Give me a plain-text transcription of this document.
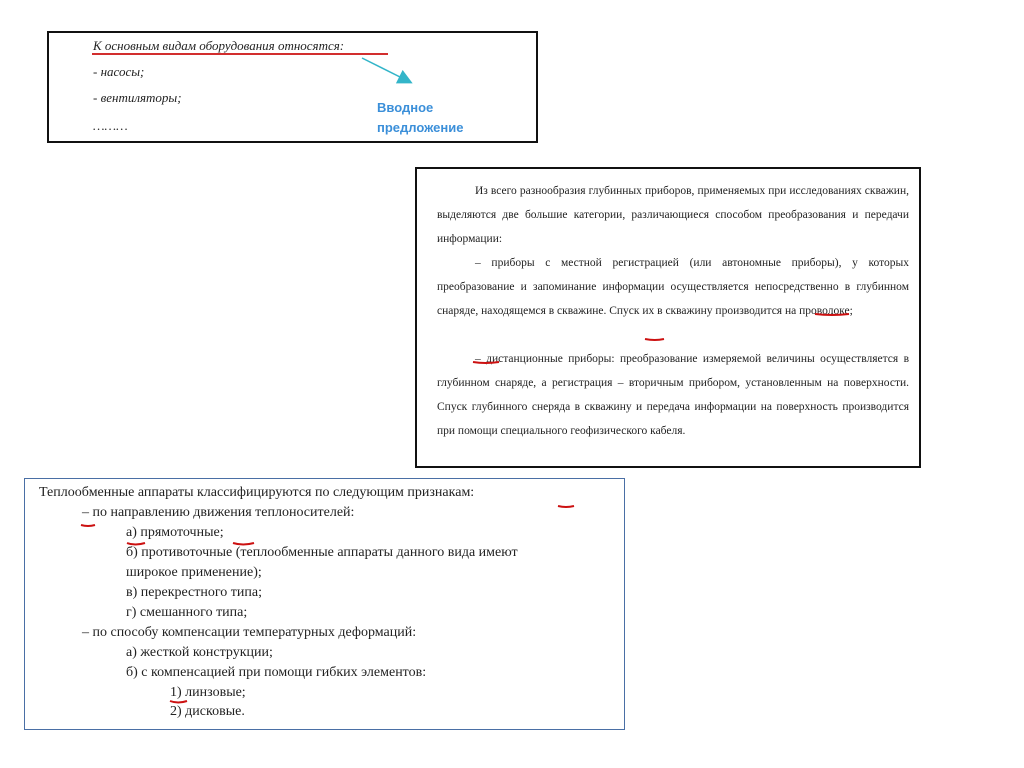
К основным видам оборудования относятся:
- насосы;
- вентиляторы;
………
Вводное
предложение
Из всего разнообразия глубинных приборов, применяемых при исследованиях скважин, выделяются две большие категории, различающиеся способом преобразования и передачи информации:
– приборы с местной регистрацией (или автономные приборы), у которых преобразование и запоминание информации осуществляется непосредственно в глубинном снаряде, находящемся в скважине. Спуск их в скважину производится на проволоке;
– дистанционные приборы: преобразование измеряемой величины осуществляется в глубинном снаряде, а регистрация – вторичным прибором, установленным на поверхности. Спуск глубинного снеряда в скважину и передача информации на поверхность производится при помощи специального геофизического кабеля.
Теплообменные аппараты классифицируются по следующим признакам:
– по направлению движения теплоносителей:
а) прямоточные;
б) противоточные (теплообменные аппараты данного вида имеют
широкое применение);
в) перекрестного типа;
г) смешанного типа;
– по способу компенсации температурных деформаций:
а) жесткой конструкции;
б) с компенсацией при помощи гибких элементов:
1) линзовые;
2) дисковые.
